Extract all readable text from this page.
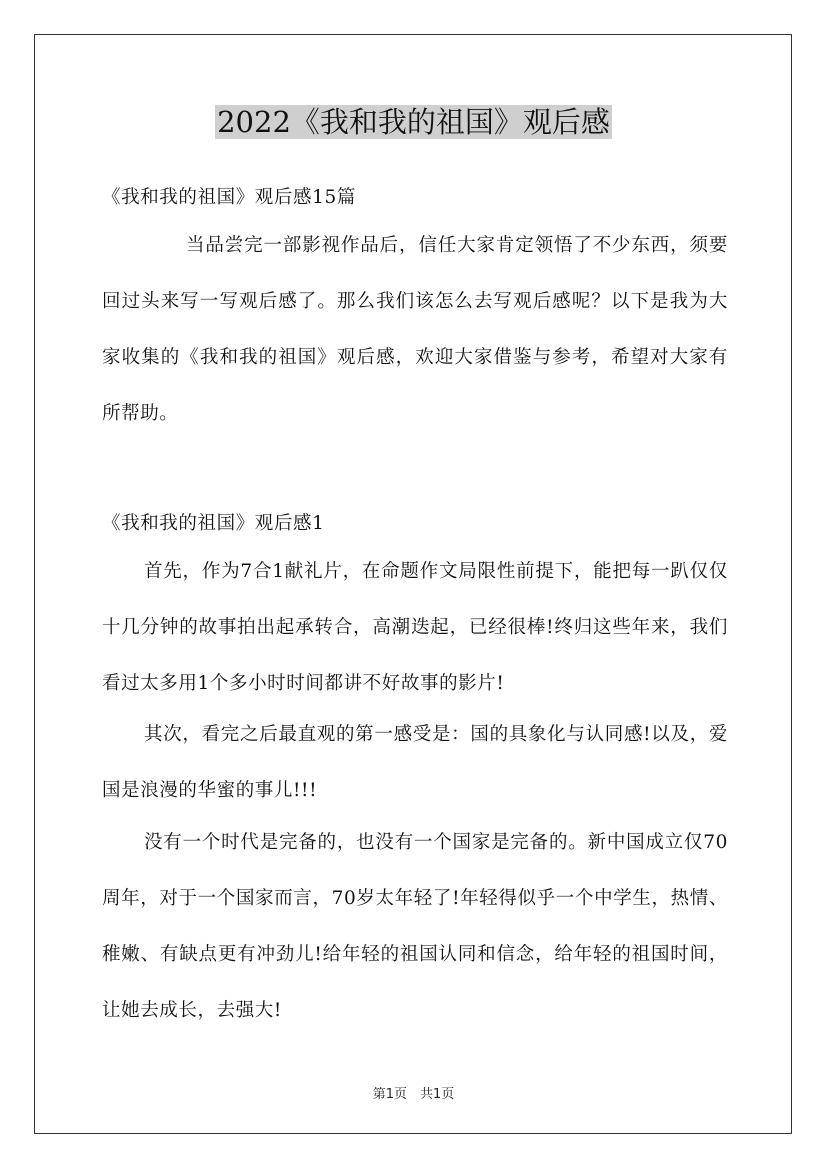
2022《我和我的祖国》观后感
《我和我的祖国》观后感15篇
当品尝完一部影视作品后，信任大家肯定领悟了不少东西，须要回过头来写一写观后感了。那么我们该怎么去写观后感呢？以下是我为大家收集的《我和我的祖国》观后感，欢迎大家借鉴与参考，希望对大家有所帮助。
《我和我的祖国》观后感1
首先，作为7合1献礼片，在命题作文局限性前提下，能把每一趴仅仅十几分钟的故事拍出起承转合，高潮迭起，已经很棒!终归这些年来，我们看过太多用1个多小时时间都讲不好故事的影片!
其次，看完之后最直观的第一感受是：国的具象化与认同感!以及，爱国是浪漫的华蜜的事儿!!!
没有一个时代是完备的，也没有一个国家是完备的。新中国成立仅70周年，对于一个国家而言，70岁太年轻了!年轻得似乎一个中学生，热情、稚嫩、有缺点更有冲劲儿!给年轻的祖国认同和信念，给年轻的祖国时间，让她去成长，去强大!
第1页　共1页
